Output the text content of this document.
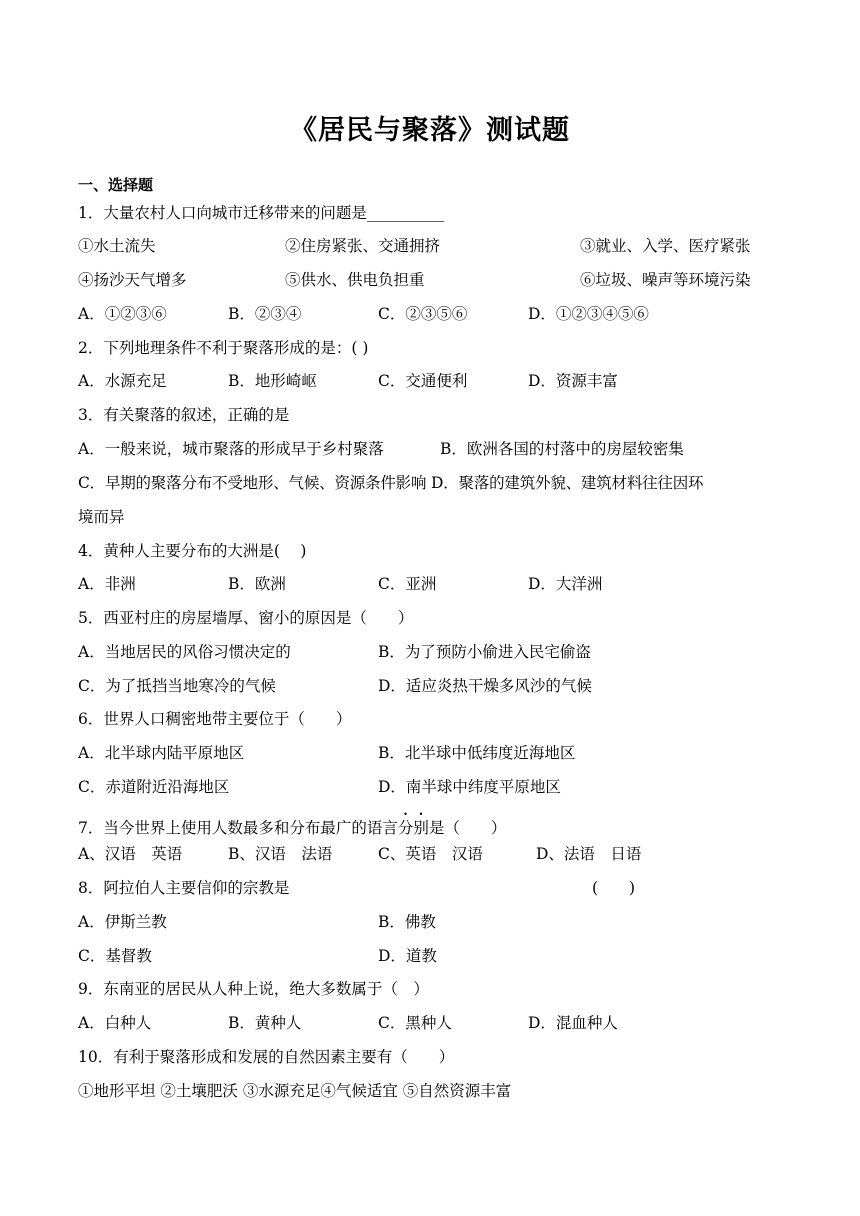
《居民与聚落》测试题
一、选择题
1．大量农村人口向城市迁移带来的问题是__________
①水土流失	②住房紧张、交通拥挤	③就业、入学、医疗紧张
④扬沙天气增多	⑤供水、供电负担重	⑥垃圾、噪声等环境污染
A．①②③⑥	B．②③④	C．②③⑤⑥	D．①②③④⑤⑥
2．下列地理条件不利于聚落形成的是：( )
A．水源充足	B．地形崎岖	C．交通便利	D．资源丰富
3．有关聚落的叙述，正确的是
A．一般来说，城市聚落的形成早于乡村聚落	B．欧洲各国的村落中的房屋较密集
C．早期的聚落分布不受地形、气候、资源条件影响 D．聚落的建筑外貌、建筑材料往往因环
境而异
4．黄种人主要分布的大洲是(　 )
A．非洲	B．欧洲	C．亚洲	D．大洋洲
5．西亚村庄的房屋墙厚、窗小的原因是（　　）
A．当地居民的风俗习惯决定的	B．为了预防小偷进入民宅偷盗
C．为了抵挡当地寒冷的气候	D．适应炎热干燥多风沙的气候
6．世界人口稠密地带主要位于（　　）
A．北半球内陆平原地区	B．北半球中低纬度近海地区
C．赤道附近沿海地区	D．南半球中纬度平原地区
7．当今世界上使用人数最多和分布最广的语言分别是（　　）
A、汉语　英语	B、汉语　法语	C、英语　汉语	D、法语　日语
8．阿拉伯人主要信仰的宗教是	(　　)
A．伊斯兰教	B．佛教
C．基督教	D．道教
9．东南亚的居民从人种上说，绝大多数属于（　）
A．白种人	B．黄种人	C．黑种人	D．混血种人
10．有利于聚落形成和发展的自然因素主要有（　　）
①地形平坦 ②土壤肥沃 ③水源充足④气候适宜 ⑤自然资源丰富
